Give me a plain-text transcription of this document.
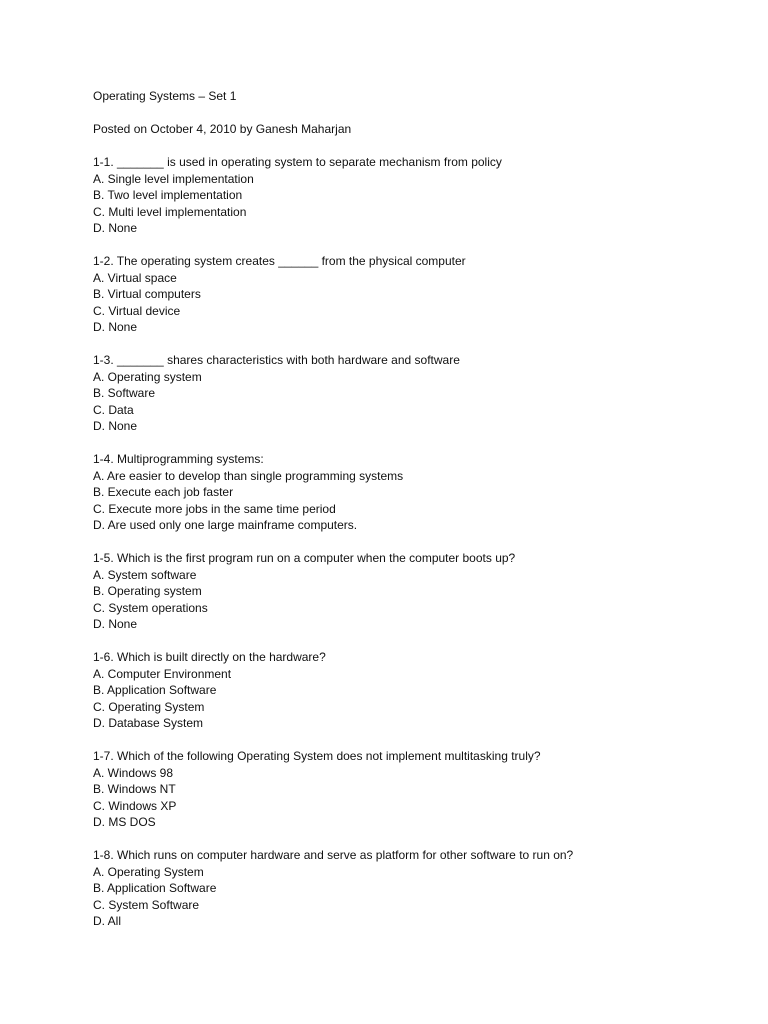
Operating Systems – Set 1
Posted on October 4, 2010 by Ganesh Maharjan
1-1. _______ is used in operating system to separate mechanism from policy
A. Single level implementation
B. Two level implementation
C. Multi level implementation
D. None
1-2. The operating system creates ______ from the physical computer
A. Virtual space
B. Virtual computers
C. Virtual device
D. None
1-3. _______ shares characteristics with both hardware and software
A. Operating system
B. Software
C. Data
D. None
1-4. Multiprogramming systems:
A. Are easier to develop than single programming systems
B. Execute each job faster
C. Execute more jobs in the same time period
D. Are used only one large mainframe computers.
1-5. Which is the first program run on a computer when the computer boots up?
A. System software
B. Operating system
C. System operations
D. None
1-6. Which is built directly on the hardware?
A. Computer Environment
B. Application Software
C. Operating System
D. Database System
1-7. Which of the following Operating System does not implement multitasking truly?
A. Windows 98
B. Windows NT
C. Windows XP
D. MS DOS
1-8. Which runs on computer hardware and serve as platform for other software to run on?
A. Operating System
B. Application Software
C. System Software
D. All
